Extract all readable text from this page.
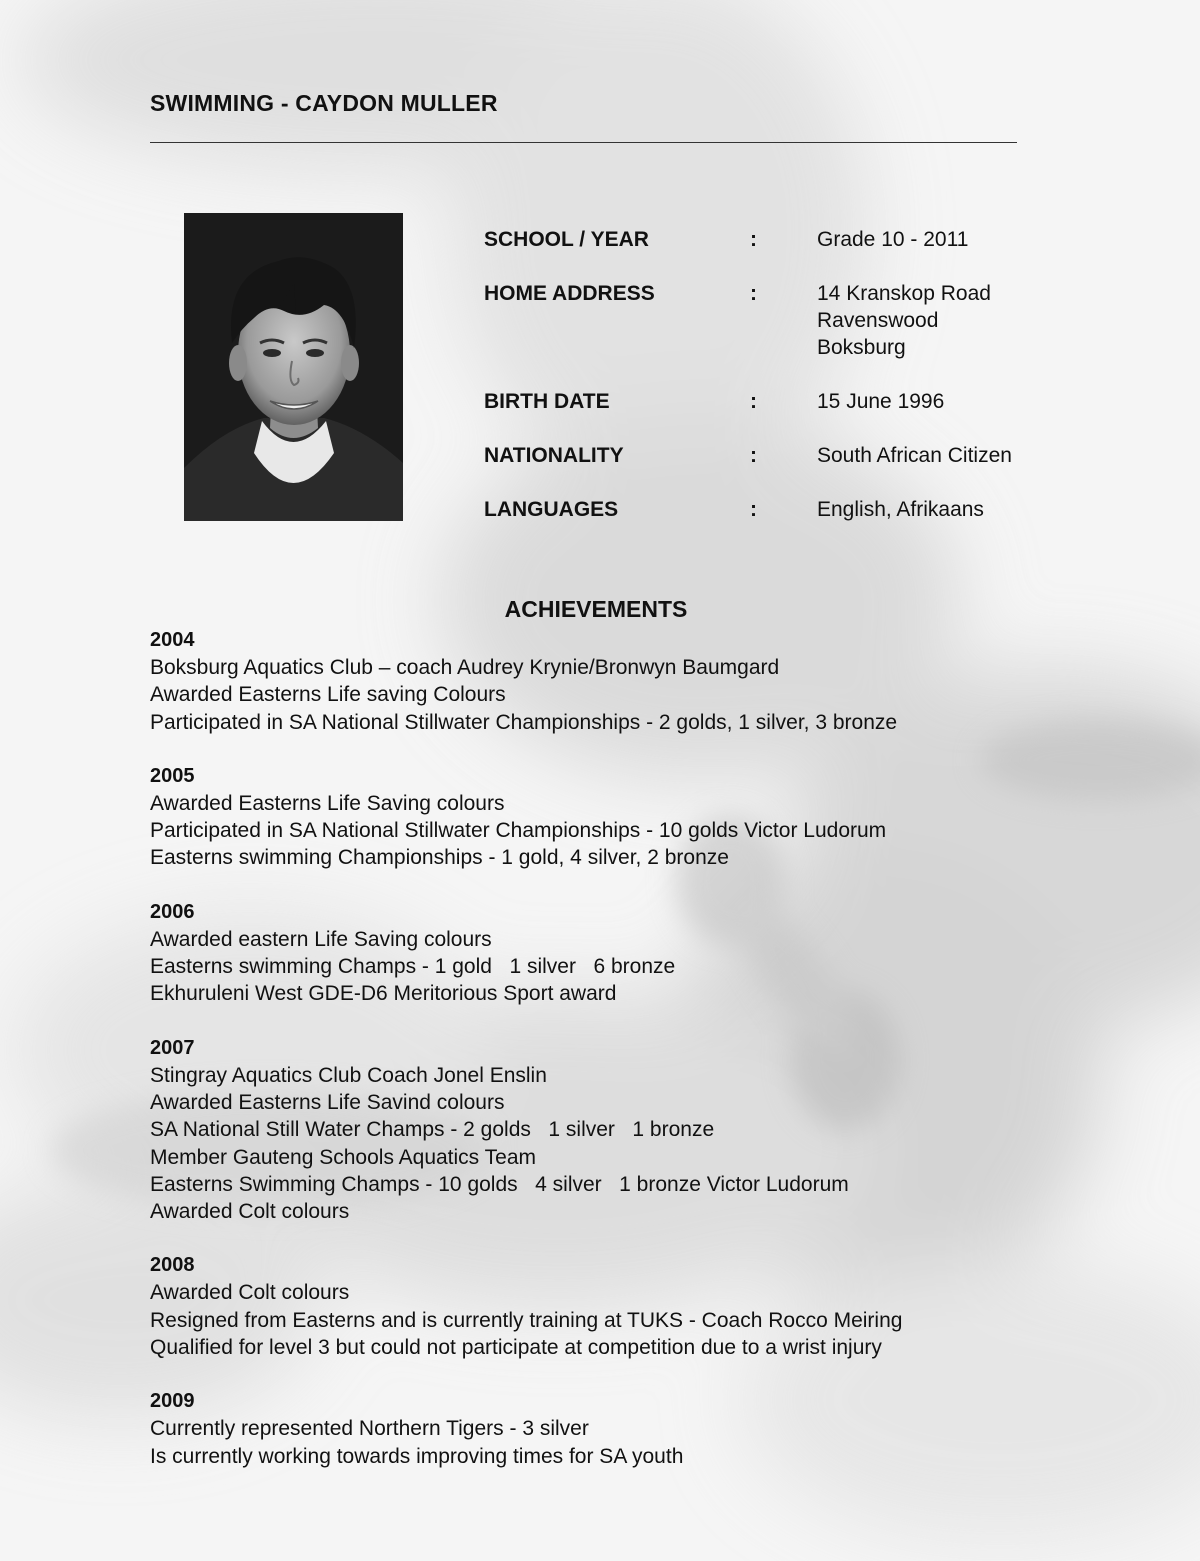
SWIMMING - CAYDON MULLER
SCHOOL / YEAR	:	Grade 10 - 2011
HOME ADDRESS	:	14 Kranskop Road
Ravenswood
Boksburg
BIRTH DATE	:	15 June 1996
NATIONALITY	:	South African Citizen
LANGUAGES	:	English, Afrikaans
ACHIEVEMENTS
2004
Boksburg Aquatics Club – coach Audrey Krynie/Bronwyn Baumgard
Awarded Easterns Life saving Colours
Participated in SA National Stillwater Championships - 2 golds, 1 silver, 3 bronze
2005
Awarded Easterns Life Saving colours
Participated in SA National Stillwater Championships - 10 golds Victor Ludorum
Easterns swimming Championships - 1 gold, 4 silver, 2 bronze
2006
Awarded eastern Life Saving colours
Easterns swimming Champs - 1 gold   1 silver   6 bronze
Ekhuruleni West GDE-D6 Meritorious Sport award
2007
Stingray Aquatics Club Coach Jonel Enslin
Awarded Easterns Life Savind colours
SA National Still Water Champs - 2 golds   1 silver   1 bronze
Member Gauteng Schools Aquatics Team
Easterns Swimming Champs - 10 golds   4 silver   1 bronze Victor Ludorum
Awarded Colt colours
2008
Awarded Colt colours
Resigned from Easterns and is currently training at TUKS - Coach Rocco Meiring
Qualified for level 3 but could not participate at competition due to a wrist injury
2009
Currently represented Northern Tigers - 3 silver
Is currently working towards improving times for SA youth
